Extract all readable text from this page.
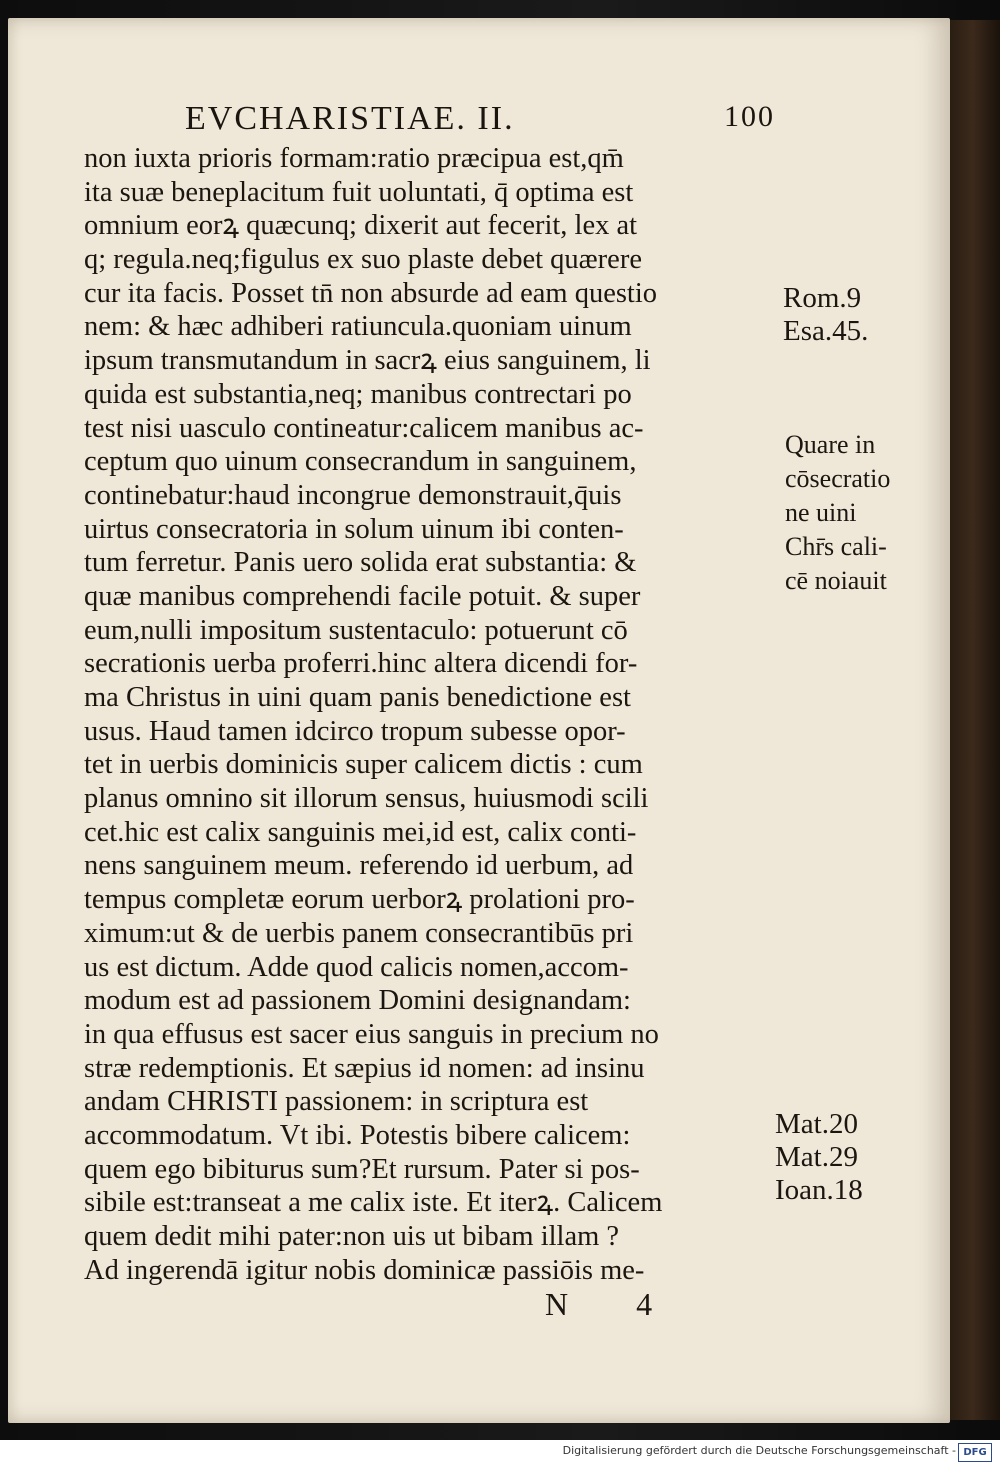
EVCHARISTIAE. II.	100
non iuxta prioris formam:ratio præcipua est,qm̄
ita suæ beneplacitum fuit uoluntati, q̄ optima est
omnium eorꝝ quæcunq; dixerit aut fecerit, lex at
q; regula.neq;figulus ex suo plaste debet quærere
cur ita facis. Posset tn̄ non absurde ad eam questio
nem: & hæc adhiberi ratiuncula.quoniam uinum
ipsum transmutandum in sacrꝝ eius sanguinem, li
quida est substantia,neq; manibus contrectari po
test nisi uasculo contineatur:calicem manibus ac-
ceptum quo uinum consecrandum in sanguinem,
continebatur:haud incongrue demonstrauit,q̄uis
uirtus consecratoria in solum uinum ibi conten-
tum ferretur. Panis uero solida erat substantia: &
quæ manibus comprehendi facile potuit. & super
eum,nulli impositum sustentaculo: potuerunt cō
secrationis uerba proferri.hinc altera dicendi for-
ma Christus in uini quam panis benedictione est
usus. Haud tamen idcirco tropum subesse opor-
tet in uerbis dominicis super calicem dictis : cum
planus omnino sit illorum sensus, huiusmodi scili
cet.hic est calix sanguinis mei,id est, calix conti-
nens sanguinem meum. referendo id uerbum, ad
tempus completæ eorum uerborꝝ prolationi pro-
ximum:ut & de uerbis panem consecrantibūs pri
us est dictum. Adde quod calicis nomen,accom-
modum est ad passionem Domini designandam:
in qua effusus est sacer eius sanguis in precium no
stræ redemptionis. Et sæpius id nomen: ad insinu
andam CHRISTI passionem: in scriptura est
accommodatum. Vt ibi. Potestis bibere calicem:
quem ego bibiturus sum?Et rursum. Pater si pos-
sibile est:transeat a me calix iste. Et iterꝝ. Calicem
quem dedit mihi pater:non uis ut bibam illam ?
Ad ingerendā igitur nobis dominicæ passiōis me-
Rom.9
Esa.45.
Quare in
cōsecratio
ne uini
Chr̄s cali-
cē noiauit
Mat.20
Mat.29
Ioan.18
N 4
Digitalisierung gefördert durch die Deutsche Forschungsgemeinschaft - DFG
